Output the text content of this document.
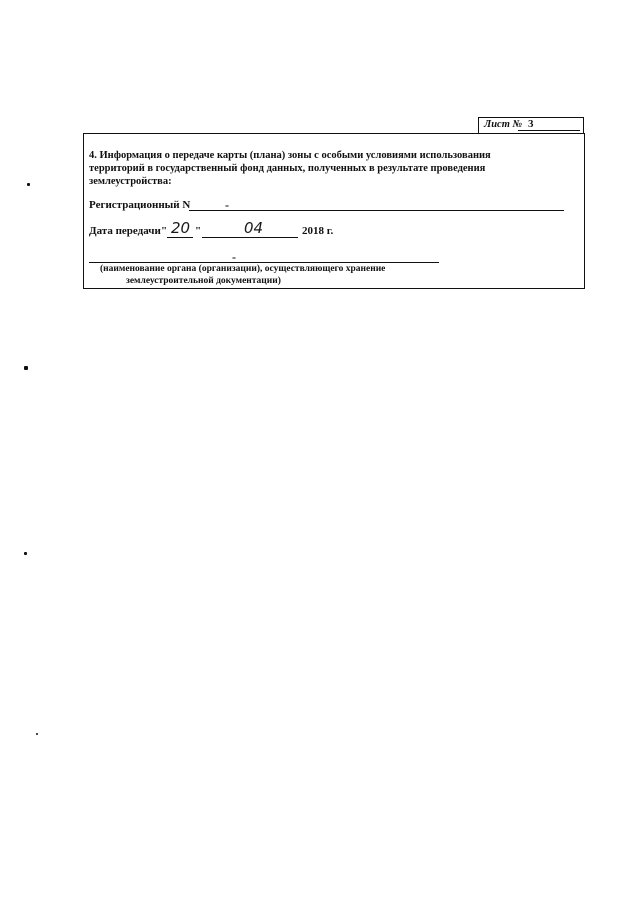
Лист № 3
4. Информация о передаче карты (плана) зоны с особыми условиями использования
территорий в государственный фонд данных, полученных в результате проведения
землеустройства:
Регистрационный N	-
Дата передачи " 20 "	04	2018 г.
-
(наименование органа (организации), осуществляющего хранение
землеустроительной документации)
